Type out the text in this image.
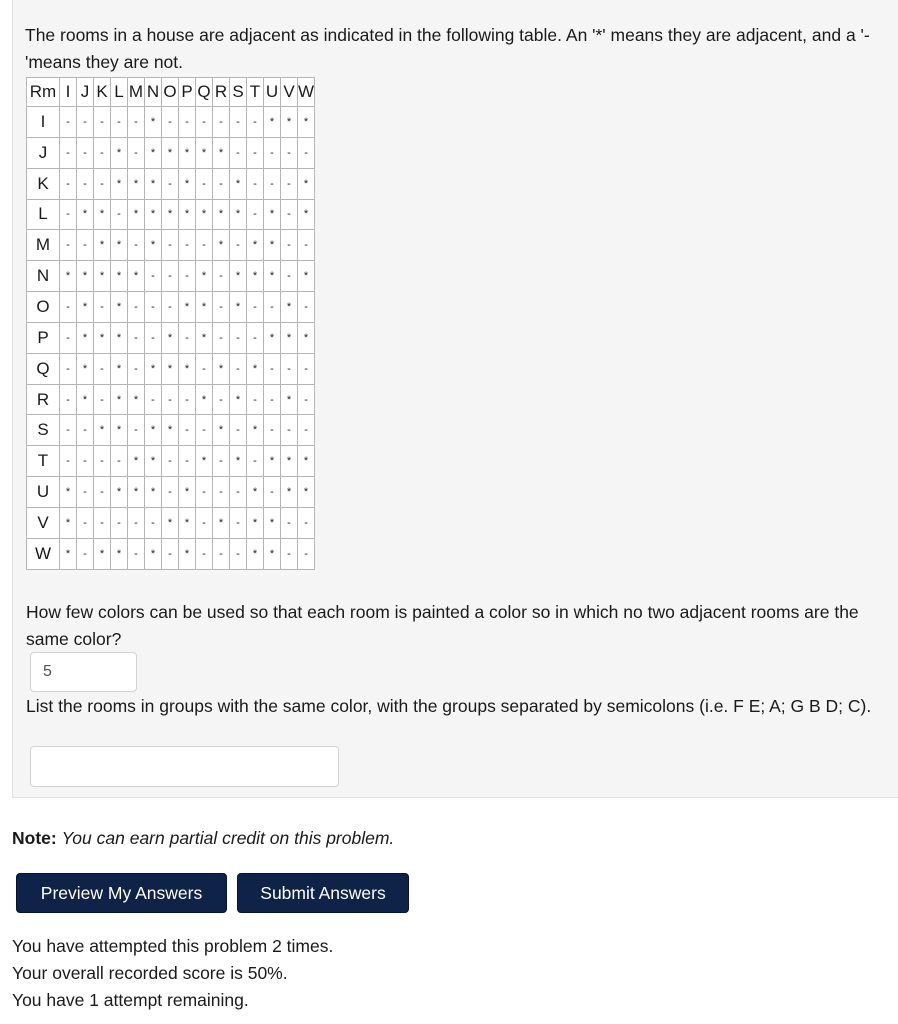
The rooms in a house are adjacent as indicated in the following table. An '*' means they are adjacent, and a '-'means they are not.

Rm	I	J	K	L	M	N	O	P	Q	R	S	T	U	V	W
I	-	-	-	-	-	*	-	-	-	-	-	-	*	*	*
J	-	-	-	*	-	*	*	*	*	*	-	-	-	-	-
K	-	-	-	*	*	*	-	*	-	-	*	-	-	-	*
L	-	*	*	-	*	*	*	*	*	*	*	-	*	-	*
M	-	-	*	*	-	*	-	-	-	*	-	*	*	-	-
N	*	*	*	*	*	-	-	-	*	-	*	*	*	-	*
O	-	*	-	*	-	-	-	*	*	-	*	-	-	*	-
P	-	*	*	*	-	-	*	-	*	-	-	-	*	*	*
Q	-	*	-	*	-	*	*	*	-	*	-	*	-	-	-
R	-	*	-	*	*	-	-	-	*	-	*	-	-	*	-
S	-	-	*	*	-	*	*	-	-	*	-	*	-	-	-
T	-	-	-	-	*	*	-	-	*	-	*	-	*	*	*
U	*	-	-	*	*	*	-	*	-	-	-	*	-	*	*
V	*	-	-	-	-	-	*	*	-	*	-	*	*	-	-
W	*	-	*	*	-	*	-	*	-	-	-	*	*	-	-

How few colors can be used so that each room is painted a color so in which no two adjacent rooms are the same color?

5

List the rooms in groups with the same color, with the groups separated by semicolons (i.e. F E; A; G B D; C).

Note: You can earn partial credit on this problem.

Preview My Answers	Submit Answers
You have attempted this problem 2 times.
Your overall recorded score is 50%.
You have 1 attempt remaining.
